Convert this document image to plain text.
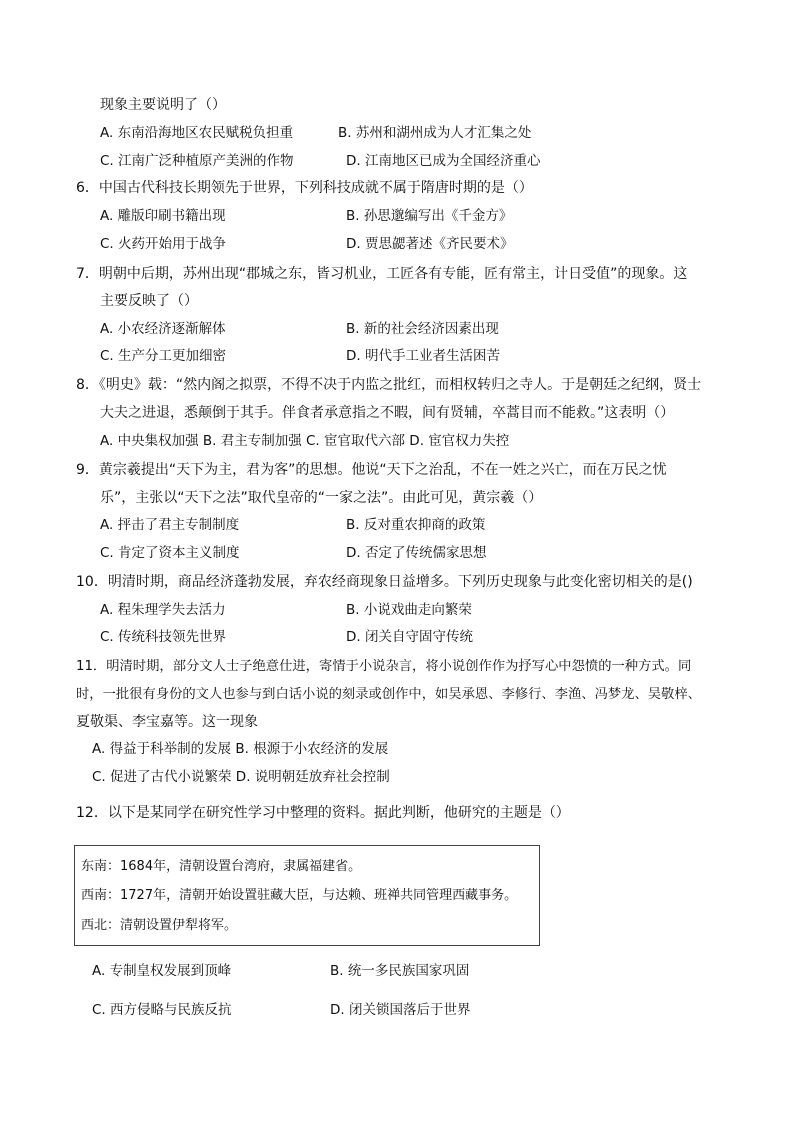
现象主要说明了（）
A. 东南沿海地区农民赋税负担重	B. 苏州和湖州成为人才汇集之处
C. 江南广泛种植原产美洲的作物	D. 江南地区已成为全国经济重心
6．中国古代科技长期领先于世界，下列科技成就不属于隋唐时期的是（）
A. 雕版印刷书籍出现	B. 孙思邈编写出《千金方》
C. 火药开始用于战争	D. 贾思勰著述《齐民要术》
7．明朝中后期，苏州出现“郡城之东，皆习机业，工匠各有专能，匠有常主，计日受值”的现象。这
主要反映了（）
A. 小农经济逐渐解体	B. 新的社会经济因素出现
C. 生产分工更加细密	D. 明代手工业者生活困苦
8．《明史》载：“然内阁之拟票，不得不决于内监之批红，而相权转归之寺人。于是朝廷之纪纲，贤士
大夫之进退，悉颠倒于其手。伴食者承意指之不暇，间有贤辅，卒蒿目而不能救。”这表明（）
A. 中央集权加强 B. 君主专制加强 C. 宦官取代六部 D. 宦官权力失控
9．黄宗羲提出“天下为主，君为客”的思想。他说“天下之治乱，不在一姓之兴亡，而在万民之忧
乐”，主张以“天下之法”取代皇帝的“一家之法”。由此可见，黄宗羲（）
A. 抨击了君主专制制度	B. 反对重农抑商的政策
C. 肯定了资本主义制度	D. 否定了传统儒家思想
10．明清时期，商品经济蓬勃发展，弃农经商现象日益增多。下列历史现象与此变化密切相关的是()
A. 程朱理学失去活力	B. 小说戏曲走向繁荣
C. 传统科技领先世界	D. 闭关自守固守传统
11．明清时期，部分文人士子绝意仕进，寄情于小说杂言，将小说创作作为抒写心中怨愤的一种方式。同
时，一批很有身份的文人也参与到白话小说的刻录或创作中，如吴承恩、李修行、李渔、冯梦龙、吴敬梓、
夏敬渠、李宝嘉等。这一现象
A. 得益于科举制的发展 B. 根源于小农经济的发展
C. 促进了古代小说繁荣 D. 说明朝廷放弃社会控制
12．以下是某同学在研究性学习中整理的资料。据此判断，他研究的主题是（）
东南：1684年，清朝设置台湾府，隶属福建省。
西南：1727年，清朝开始设置驻藏大臣，与达赖、班禅共同管理西藏事务。
西北：清朝设置伊犁将军。
A. 专制皇权发展到顶峰	B. 统一多民族国家巩固
C. 西方侵略与民族反抗	D. 闭关锁国落后于世界
